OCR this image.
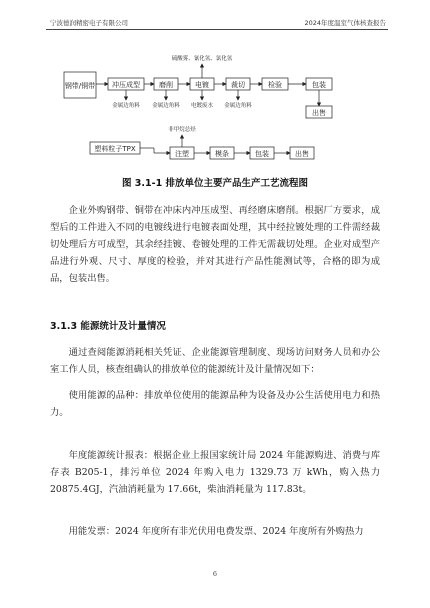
宁波德润精密电子有限公司	2024年度温室气体核查报告
钢带/铜带 冲压成型	磨削	电镀	裁切	检验	包装
出售
硫酸雾、氰化氢、氯化氢
金属边角料 金属边角料 电镀废水 金属边角料
非甲烷总烃
塑料粒子TPX
注塑	模条	包装	出售
图 3.1-1 排放单位主要产品生产工艺流程图
企业外购钢带、铜带在冲床内冲压成型、再经磨床磨削。根据厂方要求，成型后的工件进入不同的电镀线进行电镀表面处理，其中经拉镀处理的工件需经裁切处理后方可成型，其余经挂镀、卷镀处理的工件无需裁切处理。企业对成型产品进行外观、尺寸、厚度的检验，并对其进行产品性能测试等，合格的即为成品，包装出售。
3.1.3 能源统计及计量情况
通过查阅能源消耗相关凭证、企业能源管理制度、现场访问财务人员和办公室工作人员，核查组确认的排放单位的能源统计及计量情况如下：
使用能源的品种：排放单位使用的能源品种为设备及办公生活使用电力和热力。
年度能源统计报表：根据企业上报国家统计局 2024 年能源购进、消费与库存表 B205-1，排污单位 2024 年购入电力 1329.73 万 kWh，购入热力 20875.4GJ，汽油消耗量为 17.66t，柴油消耗量为 117.83t。
用能发票：2024 年度所有非光伏用电费发票、2024 年度所有外购热力
6
